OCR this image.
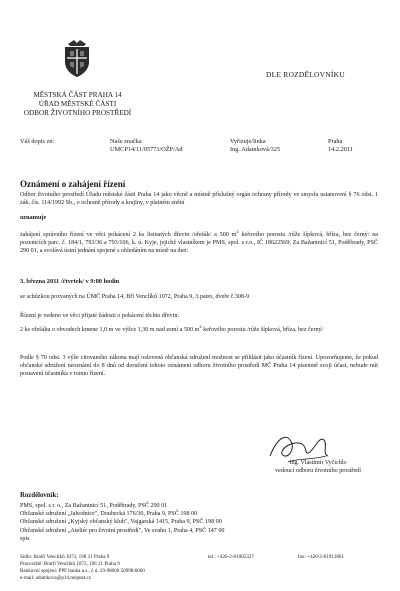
DLE ROZDĚLOVNÍKU
MĚSTSKÁ ČÁST PRAHA 14
ÚŘAD MĚSTSKÉ ČÁSTI
ODBOR ŽIVOTNÍHO PROSTŘEDÍ
Váš dopis zn:	Naše značka
UMCP14/11/05773/OŽP/Ad
Vyřizuje/linka
Ing. Adamková/325
Praha
14.2.2011
Oznámení o zahájení řízení
Odbor životního prostředí Úřadu městské části Praha 14 jako věcně a místně příslušný orgán ochrany přírody ve smyslu ustanovení § 76 odst. 1 zák. čís. 114/1992 Sb., o ochraně přírody a krajiny, v platném znění
oznamuje
zahájení správního řízení ve věci pokácení 2 ks listnatých dřevin /ořešák/ a 500 $m^2$ keřového porostu /růže šípková, bříza, bez černý/ na pozemcích parc. č. 184/1, 793/36 a 793/106, k. ú. Kyje, jejichž vlastníkem je PMS, spol. s r.o., IČ 18622569, Za Bažantnicí 51, Poděbrady, PSČ 290 01, a svolává ústní jednání spojené s ohledáním na místě na den:
3. března 2011 /čtvrtek/ v 9:00 hodin
se schůzkou pozvaných na ÚMČ Praha 14, Bří Venclíků 1072, Praha 9, 3.patro, dveře č.308-9
Řízení je vedeno ve věci přijaté žádosti o pokácení těchto dřevin:
2 ks ořešáku o obvodech kmene 1,0 m ve výšce 1,30 m nad zemí a 500 $m^2$ keřového porostu /růže šípková, bříza, bez černý/
Podle § 70 odst. 3 výše citovaného zákona mají oslovená občanská sdružení možnost se přihlásit jako účastník řízení. Upozorňujeme, že pokud občanské sdružení neoznámí do 8 dnů od doručení tohoto oznámení odboru životního prostředí MČ Praha 14 písemně svoji účast, nebude mít postavení účastníka v tomto řízení.
Ing. Vlastimír Vyčichlo
vedoucí odboru životního prostředí
Rozdělovník:
PMS, spol. s r. o., Za Bažantnicí 51, Poděbrady, PSČ 290 01
Občanské sdružení „Jahodnice", Doubecká 176/30, Praha 9, PSČ 198 00
Občanské sdružení „Kyjský občanský klub", Vajgarská 1415, Praha 9, PSČ 198 00
Občanské sdružení „Ateliér pro životní prostředí", Ve svahu 1, Praha 4, PSČ 147 00
spis
Sídlo: Bratří Venclíků 1073, 198 21 Praha 9
Pracoviště: Bratří Venclíků 1072, 198 21 Praha 9
Bankovní spojení: PPF banka a.s., č.ú.:19-98000 50998/6000
e-mail: adamkova@p14.mepnet.cz
tel.: +420-2-81005327	fax: +420-2-81912861
